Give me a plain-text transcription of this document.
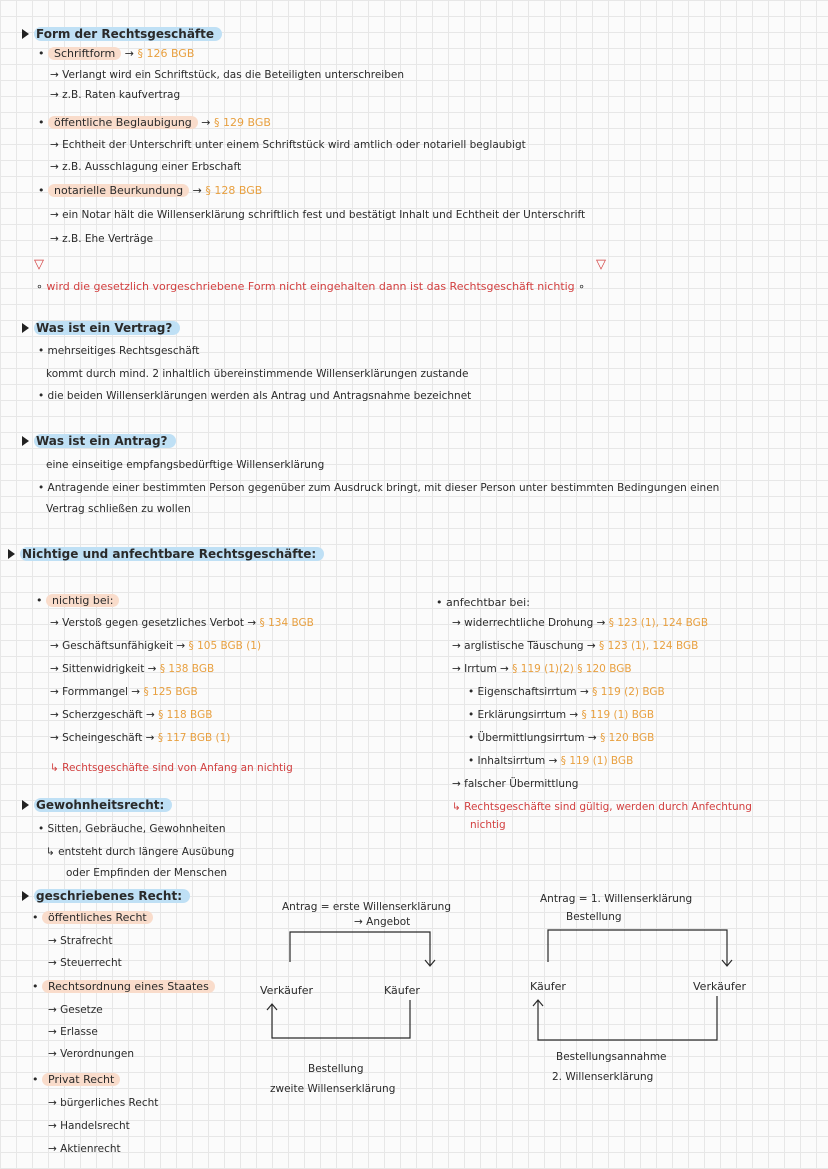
Form der Rechtsgeschäfte
• Schriftform → § 126 BGB
→ Verlangt wird ein Schriftstück, das die Beteiligten unterschreiben
→ z.B. Raten kaufvertrag
• öffentliche Beglaubigung → § 129 BGB
→ Echtheit der Unterschrift unter einem Schriftstück wird amtlich oder notariell beglaubigt
→ z.B. Ausschlagung einer Erbschaft
• notarielle Beurkundung → § 128 BGB
→ ein Notar hält die Willenserklärung schriftlich fest und bestätigt Inhalt und Echtheit der Unterschrift
→ z.B. Ehe Verträge
▽	▽
∘ wird die gesetzlich vorgeschriebene Form nicht eingehalten dann ist das Rechtsgeschäft nichtig ∘
Was ist ein Vertrag?
• mehrseitiges Rechtsgeschäft
kommt durch mind. 2 inhaltlich übereinstimmende Willenserklärungen zustande
• die beiden Willenserklärungen werden als Antrag und Antragsnahme bezeichnet
Was ist ein Antrag?
eine einseitige empfangsbedürftige Willenserklärung
• Antragende einer bestimmten Person gegenüber zum Ausdruck bringt, mit dieser Person unter bestimmten Bedingungen einen
Vertrag schließen zu wollen
Nichtige und anfechtbare Rechtsgeschäfte:
• nichtig bei:
→ Verstoß gegen gesetzliches Verbot → § 134 BGB
→ Geschäftsunfähigkeit → § 105 BGB (1)
→ Sittenwidrigkeit → § 138 BGB
→ Formmangel → § 125 BGB
→ Scherzgeschäft → § 118 BGB
→ Scheingeschäft → § 117 BGB (1)
↳ Rechtsgeschäfte sind von Anfang an nichtig
• anfechtbar bei:
→ widerrechtliche Drohung → § 123 (1), 124 BGB
→ arglistische Täuschung → § 123 (1), 124 BGB
→ Irrtum → § 119 (1)(2) § 120 BGB
• Eigenschaftsirrtum → § 119 (2) BGB
• Erklärungsirrtum → § 119 (1) BGB
• Übermittlungsirrtum → § 120 BGB
• Inhaltsirrtum → § 119 (1) BGB
→ falscher Übermittlung
↳ Rechtsgeschäfte sind gültig, werden durch Anfechtung
nichtig
Gewohnheitsrecht:
• Sitten, Gebräuche, Gewohnheiten
↳ entsteht durch längere Ausübung
oder Empfinden der Menschen
geschriebenes Recht:
• öffentliches Recht
→ Strafrecht
→ Steuerrecht
• Rechtsordnung eines Staates
→ Gesetze
→ Erlasse
→ Verordnungen
• Privat Recht
→ bürgerliches Recht
→ Handelsrecht
→ Aktienrecht
Antrag = erste Willenserklärung
→ Angebot
Verkäufer	Käufer
Bestellung
zweite Willenserklärung
Antrag = 1. Willenserklärung
Bestellung
Käufer	Verkäufer
Bestellungsannahme
2. Willenserklärung
